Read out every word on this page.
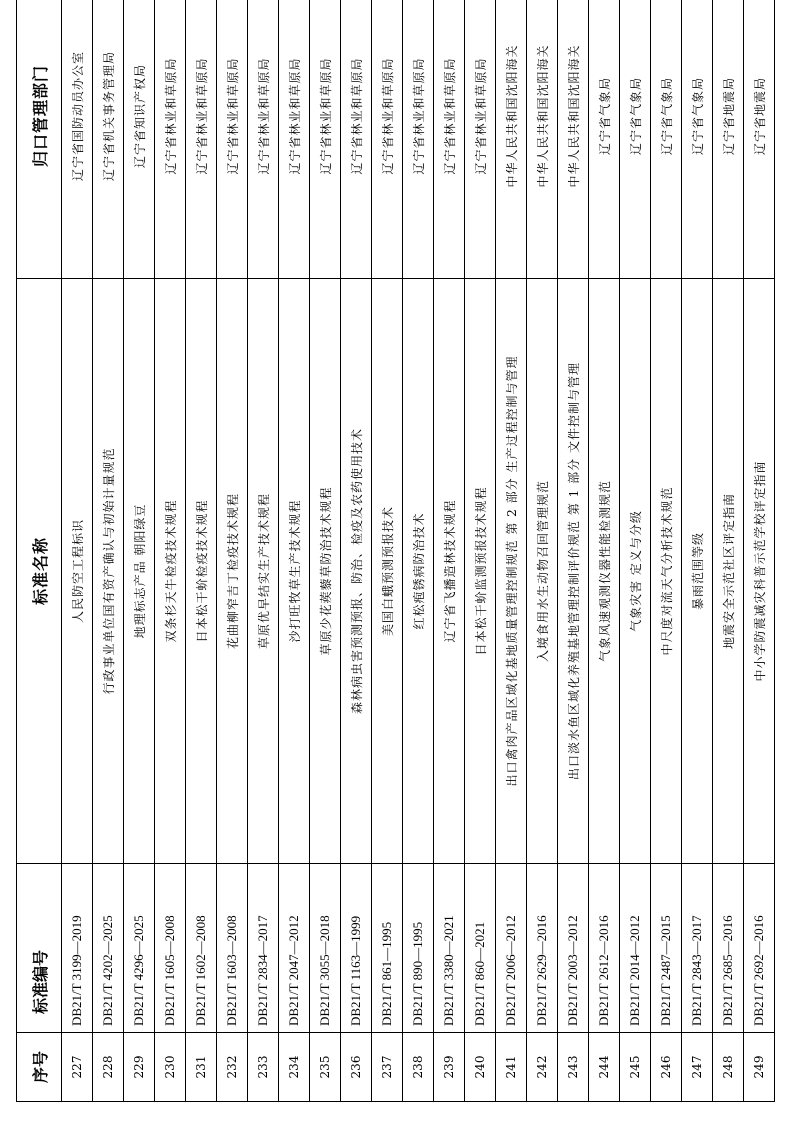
序号	标准编号	标准名称	归口管理部门
227	DB21/T 3199—2019	人民防空工程标识	辽宁省国防动员办公室
228	DB21/T 4202—2025	行政事业单位国有资产确认与初始计量规范	辽宁省机关事务管理局
229	DB21/T 4296—2025	地理标志产品 朝阳绿豆	辽宁省知识产权局
230	DB21/T 1605—2008	双条杉天牛检疫技术规程	辽宁省林业和草原局
231	DB21/T 1602—2008	日本松干蚧检疫技术规程	辽宁省林业和草原局
232	DB21/T 1603—2008	花曲柳窄吉丁检疫技术规程	辽宁省林业和草原局
233	DB21/T 2834—2017	草原优早结实生产技术规程	辽宁省林业和草原局
234	DB21/T 2047—2012	沙打旺牧草生产技术规程	辽宁省林业和草原局
235	DB21/T 3055—2018	草原少花蒺藜草防治技术规程	辽宁省林业和草原局
236	DB21/T 1163—1999	森林病虫害预测预报、防治、检疫及农药使用技术	辽宁省林业和草原局
237	DB21/T 861—1995	美国白蛾预测预报技术	辽宁省林业和草原局
238	DB21/T 890—1995	红松疱锈病防治技术	辽宁省林业和草原局
239	DB21/T 3380—2021	辽宁省飞播造林技术规程	辽宁省林业和草原局
240	DB21/T 860—2021	日本松干蚧监测预报技术规程	辽宁省林业和草原局
241	DB21/T 2006—2012	出口禽肉产品区域化基地质量管理控制规范 第 2 部分 生产过程控制与管理	中华人民共和国沈阳海关
242	DB21/T 2629—2016	入境食用水生动物召回管理规范	中华人民共和国沈阳海关
243	DB21/T 2003—2012	出口淡水鱼区域化养殖基地管理控制评价规范 第 1 部分 文件控制与管理	中华人民共和国沈阳海关
244	DB21/T 2612—2016	气象风速观测仪器性能检测规范	辽宁省气象局
245	DB21/T 2014—2012	气象灾害 定义与分级	辽宁省气象局
246	DB21/T 2487—2015	中尺度对流天气分析技术规范	辽宁省气象局
247	DB21/T 2843—2017	暴雨范围等级	辽宁省气象局
248	DB21/T 2685—2016	地震安全示范社区评定指南	辽宁省地震局
249	DB21/T 2692—2016	中小学防震减灾科普示范学校评定指南	辽宁省地震局
